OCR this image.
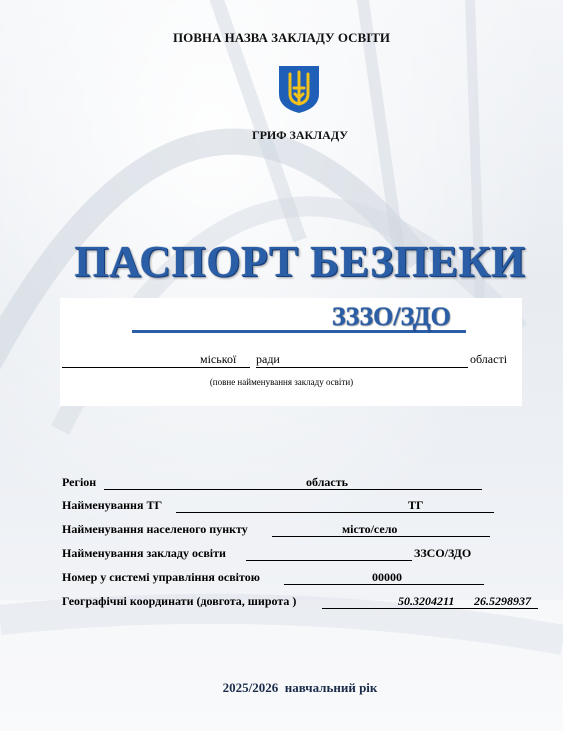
ПОВНА НАЗВА ЗАКЛАДУ ОСВІТИ
ГРИФ ЗАКЛАДУ
ПАСПОРТ БЕЗПЕКИ
ЗЗЗО/ЗДО
міської ради	області
(повне найменування закладу освіти)
Регіон	область
Найменування ТГ	ТГ
Найменування населеного пункту	місто/село
Найменування закладу освіти	ЗЗСО/ЗДО
Номер у системі управління освітою	00000
Географічні координати (довгота, широта )	50.3204211 26.5298937
2025/2026 навчальний рік
